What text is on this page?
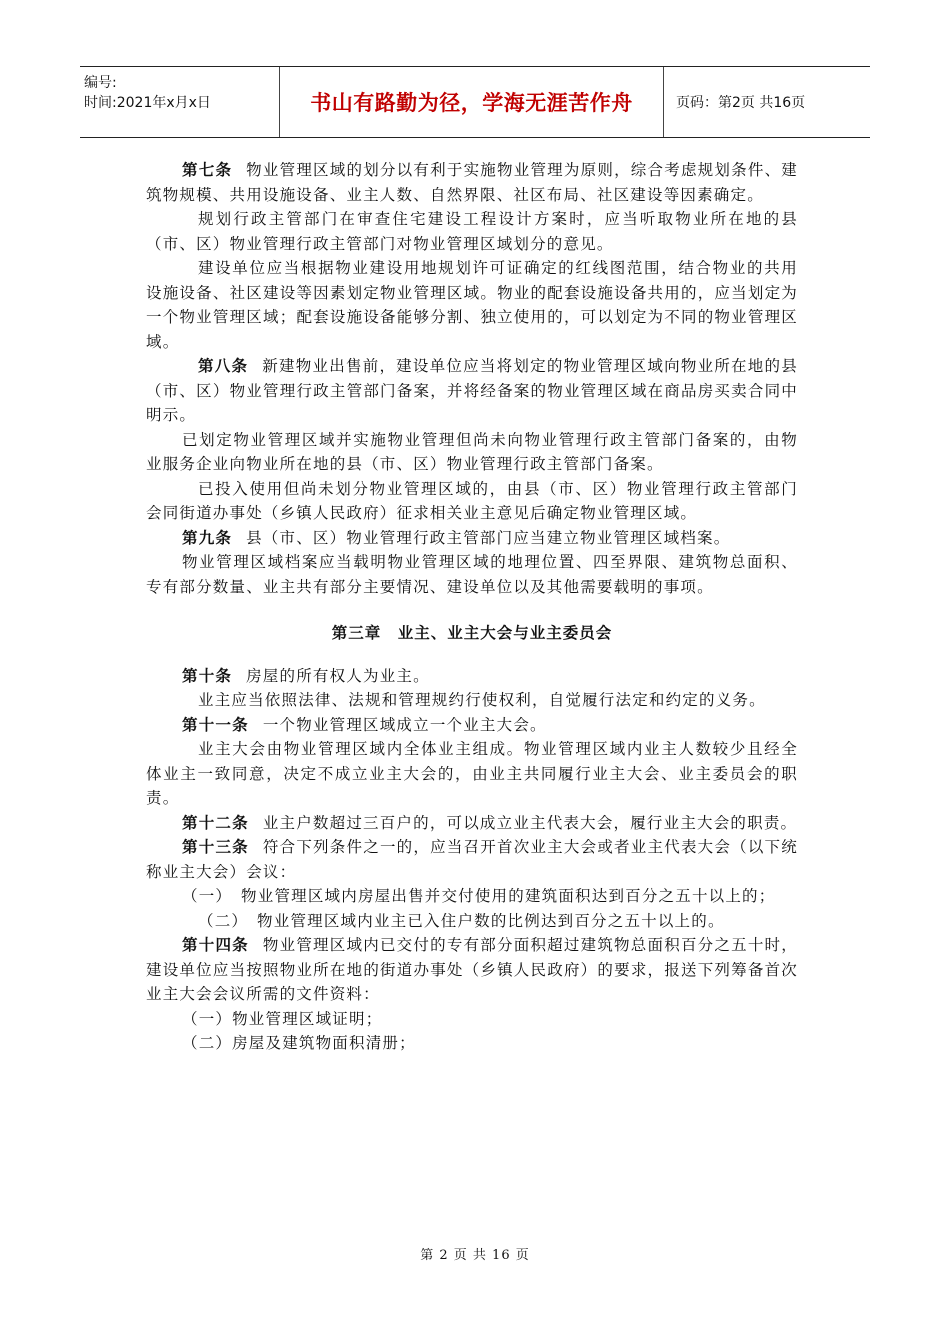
编号:
时间:2021年x月x日	书山有路勤为径，学海无涯苦作舟	页码：第2页 共16页

第七条 物业管理区域的划分以有利于实施物业管理为原则，综合考虑规划条件、建筑物规模、共用设施设备、业主人数、自然界限、社区布局、社区建设等因素确定。

规划行政主管部门在审查住宅建设工程设计方案时，应当听取物业所在地的县（市、区）物业管理行政主管部门对物业管理区域划分的意见。

建设单位应当根据物业建设用地规划许可证确定的红线图范围，结合物业的共用设施设备、社区建设等因素划定物业管理区域。物业的配套设施设备共用的，应当划定为一个物业管理区域；配套设施设备能够分割、独立使用的，可以划定为不同的物业管理区域。

第八条 新建物业出售前，建设单位应当将划定的物业管理区域向物业所在地的县（市、区）物业管理行政主管部门备案，并将经备案的物业管理区域在商品房买卖合同中明示。

已划定物业管理区域并实施物业管理但尚未向物业管理行政主管部门备案的，由物业服务企业向物业所在地的县（市、区）物业管理行政主管部门备案。

已投入使用但尚未划分物业管理区域的，由县（市、区）物业管理行政主管部门会同街道办事处（乡镇人民政府）征求相关业主意见后确定物业管理区域。

第九条 县（市、区）物业管理行政主管部门应当建立物业管理区域档案。

物业管理区域档案应当载明物业管理区域的地理位置、四至界限、建筑物总面积、专有部分数量、业主共有部分主要情况、建设单位以及其他需要载明的事项。

第三章　业主、业主大会与业主委员会

第十条 房屋的所有权人为业主。

业主应当依照法律、法规和管理规约行使权利，自觉履行法定和约定的义务。

第十一条 一个物业管理区域成立一个业主大会。

业主大会由物业管理区域内全体业主组成。物业管理区域内业主人数较少且经全体业主一致同意，决定不成立业主大会的，由业主共同履行业主大会、业主委员会的职责。

第十二条 业主户数超过三百户的，可以成立业主代表大会，履行业主大会的职责。

第十三条 符合下列条件之一的，应当召开首次业主大会或者业主代表大会（以下统称业主大会）会议：

（一）　物业管理区域内房屋出售并交付使用的建筑面积达到百分之五十以上的；

（二）　物业管理区域内业主已入住户数的比例达到百分之五十以上的。

第十四条 物业管理区域内已交付的专有部分面积超过建筑物总面积百分之五十时，建设单位应当按照物业所在地的街道办事处（乡镇人民政府）的要求，报送下列筹备首次业主大会会议所需的文件资料：

（一）物业管理区域证明；

（二）房屋及建筑物面积清册；

第 2 页 共 16 页
